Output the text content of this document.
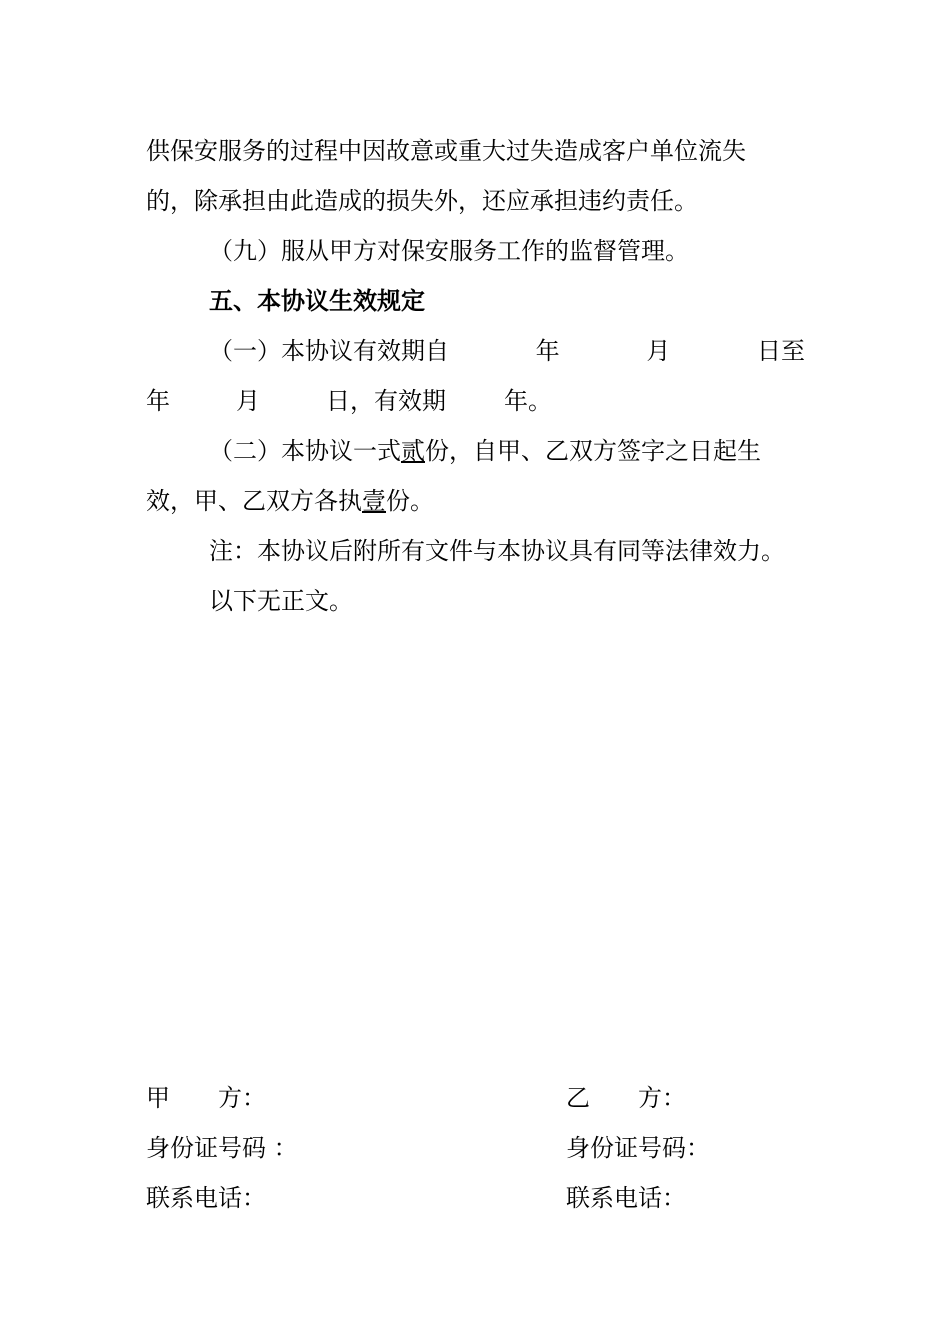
供保安服务的过程中因故意或重大过失造成客户单位流失
的，除承担由此造成的损失外，还应承担违约责任。
（九）服从甲方对保安服务工作的监督管理。
五、本协议生效规定
（一）本协议有效期自	年	月	日至
年	月	日，有效期 年。
（二）本协议一式贰份，自甲、乙双方签字之日起生
效，甲、乙双方各执壹份。
注：本协议后附所有文件与本协议具有同等法律效力。
以下无正文。
甲　　方：	乙　　方：
身份证号码 ：	身份证号码：
联系电话：	联系电话：
